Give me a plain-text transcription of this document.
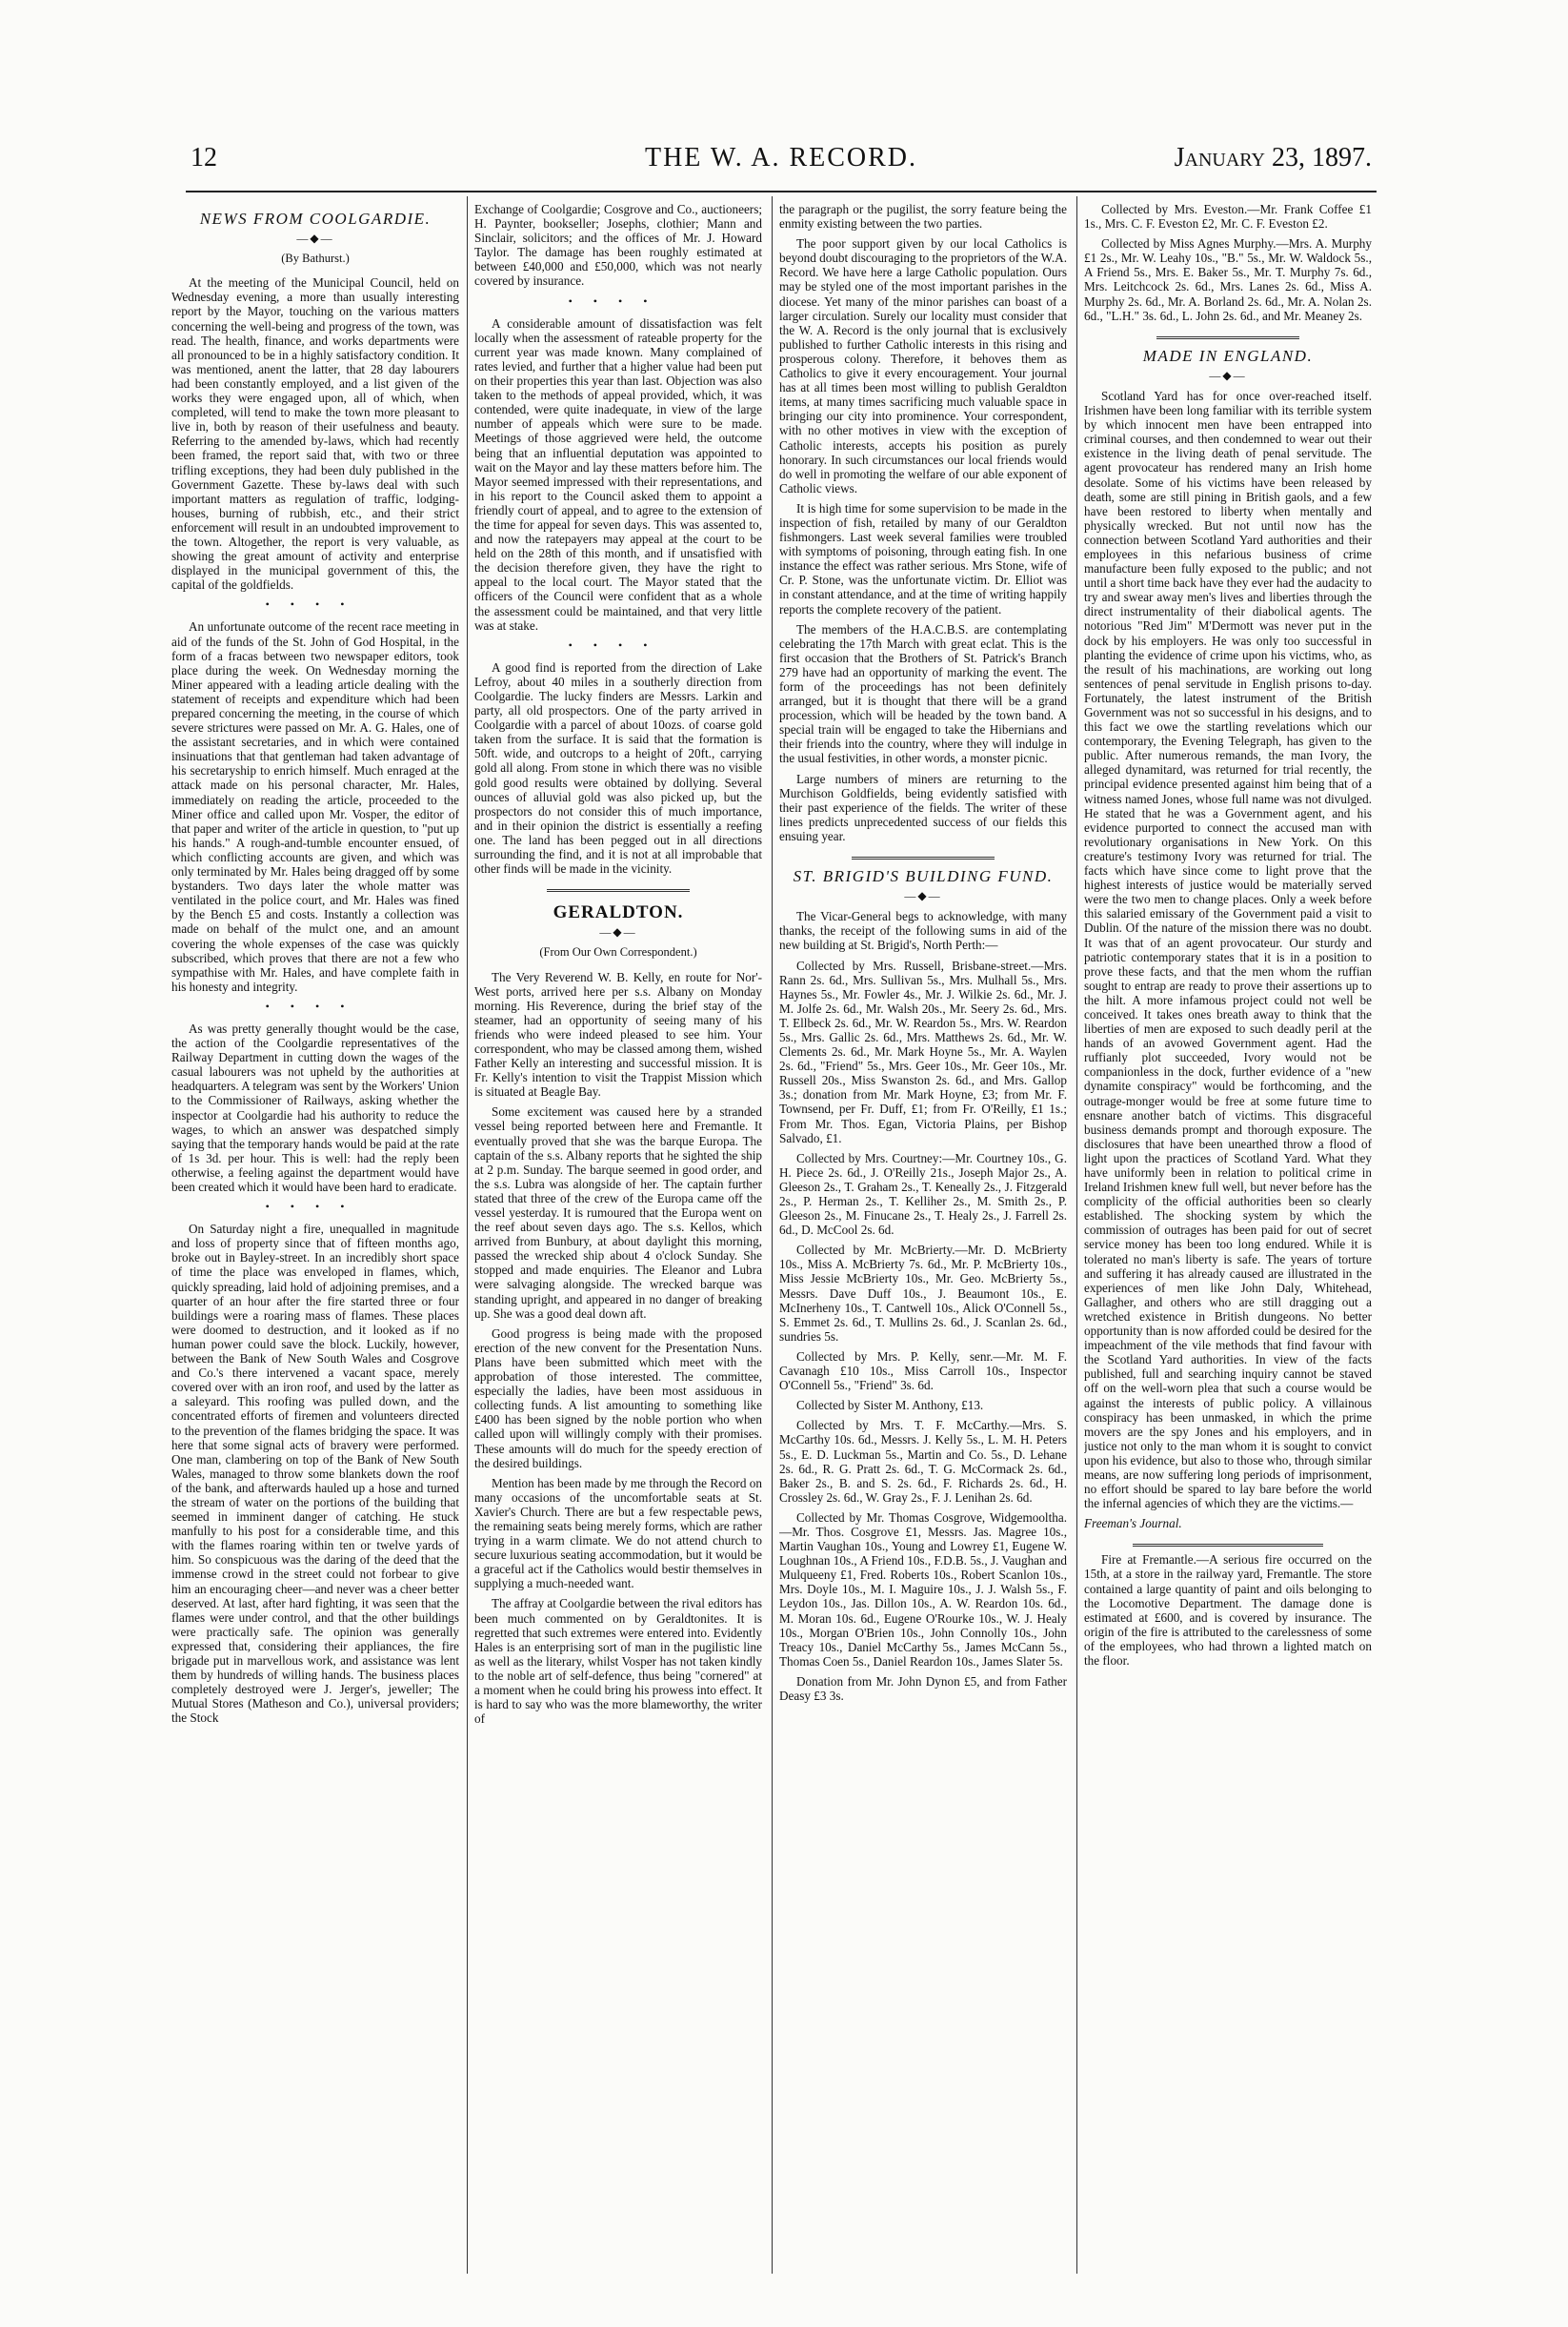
12	THE W. A. RECORD.	January 23, 1897.
NEWS FROM COOLGARDIE.
—◆—
(By Bathurst.)

At the meeting of the Municipal Council, held on Wednesday evening, a more than usually interesting report by the Mayor, touching on the various matters concerning the well-being and progress of the town, was read. The health, finance, and works departments were all pronounced to be in a highly satisfactory condition. It was mentioned, anent the latter, that 28 day labourers had been constantly employed, and a list given of the works they were engaged upon, all of which, when completed, will tend to make the town more pleasant to live in, both by reason of their usefulness and beauty. Referring to the amended by-laws, which had recently been framed, the report said that, with two or three trifling exceptions, they had been duly published in the Government Gazette. These by-laws deal with such important matters as regulation of traffic, lodging-houses, burning of rubbish, etc., and their strict enforcement will result in an undoubted improvement to the town. Altogether, the report is very valuable, as showing the great amount of activity and enterprise displayed in the municipal government of this, the capital of the goldfields.

••••

An unfortunate outcome of the recent race meeting in aid of the funds of the St. John of God Hospital, in the form of a fracas between two newspaper editors, took place during the week. On Wednesday morning the Miner appeared with a leading article dealing with the statement of receipts and expenditure which had been prepared concerning the meeting, in the course of which severe strictures were passed on Mr. A. G. Hales, one of the assistant secretaries, and in which were contained insinuations that that gentleman had taken advantage of his secretaryship to enrich himself. Much enraged at the attack made on his personal character, Mr. Hales, immediately on reading the article, proceeded to the Miner office and called upon Mr. Vosper, the editor of that paper and writer of the article in question, to "put up his hands." A rough-and-tumble encounter ensued, of which conflicting accounts are given, and which was only terminated by Mr. Hales being dragged off by some bystanders. Two days later the whole matter was ventilated in the police court, and Mr. Hales was fined by the Bench £5 and costs. Instantly a collection was made on behalf of the mulct one, and an amount covering the whole expenses of the case was quickly subscribed, which proves that there are not a few who sympathise with Mr. Hales, and have complete faith in his honesty and integrity.

••••

As was pretty generally thought would be the case, the action of the Coolgardie representatives of the Railway Department in cutting down the wages of the casual labourers was not upheld by the authorities at headquarters. A telegram was sent by the Workers' Union to the Commissioner of Railways, asking whether the inspector at Coolgardie had his authority to reduce the wages, to which an answer was despatched simply saying that the temporary hands would be paid at the rate of 1s 3d. per hour. This is well: had the reply been otherwise, a feeling against the department would have been created which it would have been hard to eradicate.

••••

On Saturday night a fire, unequalled in magnitude and loss of property since that of fifteen months ago, broke out in Bayley-street. In an incredibly short space of time the place was enveloped in flames, which, quickly spreading, laid hold of adjoining premises, and a quarter of an hour after the fire started three or four buildings were a roaring mass of flames. These places were doomed to destruction, and it looked as if no human power could save the block. Luckily, however, between the Bank of New South Wales and Cosgrove and Co.'s there intervened a vacant space, merely covered over with an iron roof, and used by the latter as a saleyard. This roofing was pulled down, and the concentrated efforts of firemen and volunteers directed to the prevention of the flames bridging the space. It was here that some signal acts of bravery were performed. One man, clambering on top of the Bank of New South Wales, managed to throw some blankets down the roof of the bank, and afterwards hauled up a hose and turned the stream of water on the portions of the building that seemed in imminent danger of catching. He stuck manfully to his post for a considerable time, and this with the flames roaring within ten or twelve yards of him. So conspicuous was the daring of the deed that the immense crowd in the street could not forbear to give him an encouraging cheer—and never was a cheer better deserved. At last, after hard fighting, it was seen that the flames were under control, and that the other buildings were practically safe. The opinion was generally expressed that, considering their appliances, the fire brigade put in marvellous work, and assistance was lent them by hundreds of willing hands. The business places completely destroyed were J. Jerger's, jeweller; The Mutual Stores (Matheson and Co.), universal providers; the Stock

Exchange of Coolgardie; Cosgrove and Co., auctioneers; H. Paynter, bookseller; Josephs, clothier; Mann and Sinclair, solicitors; and the offices of Mr. J. Howard Taylor. The damage has been roughly estimated at between £40,000 and £50,000, which was not nearly covered by insurance.

••••

A considerable amount of dissatisfaction was felt locally when the assessment of rateable property for the current year was made known. Many complained of rates levied, and further that a higher value had been put on their properties this year than last. Objection was also taken to the methods of appeal provided, which, it was contended, were quite inadequate, in view of the large number of appeals which were sure to be made. Meetings of those aggrieved were held, the outcome being that an influential deputation was appointed to wait on the Mayor and lay these matters before him. The Mayor seemed impressed with their representations, and in his report to the Council asked them to appoint a friendly court of appeal, and to agree to the extension of the time for appeal for seven days. This was assented to, and now the ratepayers may appeal at the court to be held on the 28th of this month, and if unsatisfied with the decision therefore given, they have the right to appeal to the local court. The Mayor stated that the officers of the Council were confident that as a whole the assessment could be maintained, and that very little was at stake.

••••

A good find is reported from the direction of Lake Lefroy, about 40 miles in a southerly direction from Coolgardie. The lucky finders are Messrs. Larkin and party, all old prospectors. One of the party arrived in Coolgardie with a parcel of about 10ozs. of coarse gold taken from the surface. It is said that the formation is 50ft. wide, and outcrops to a height of 20ft., carrying gold all along. From stone in which there was no visible gold good results were obtained by dollying. Several ounces of alluvial gold was also picked up, but the prospectors do not consider this of much importance, and in their opinion the district is essentially a reefing one. The land has been pegged out in all directions surrounding the find, and it is not at all improbable that other finds will be made in the vicinity.

GERALDTON.
—◆—
(From Our Own Correspondent.)

The Very Reverend W. B. Kelly, en route for Nor'-West ports, arrived here per s.s. Albany on Monday morning. His Reverence, during the brief stay of the steamer, had an opportunity of seeing many of his friends who were indeed pleased to see him. Your correspondent, who may be classed among them, wished Father Kelly an interesting and successful mission. It is Fr. Kelly's intention to visit the Trappist Mission which is situated at Beagle Bay.

Some excitement was caused here by a stranded vessel being reported between here and Fremantle. It eventually proved that she was the barque Europa. The captain of the s.s. Albany reports that he sighted the ship at 2 p.m. Sunday. The barque seemed in good order, and the s.s. Lubra was alongside of her. The captain further stated that three of the crew of the Europa came off the vessel yesterday. It is rumoured that the Europa went on the reef about seven days ago. The s.s. Kellos, which arrived from Bunbury, at about daylight this morning, passed the wrecked ship about 4 o'clock Sunday. She stopped and made enquiries. The Eleanor and Lubra were salvaging alongside. The wrecked barque was standing upright, and appeared in no danger of breaking up. She was a good deal down aft.

Good progress is being made with the proposed erection of the new convent for the Presentation Nuns. Plans have been submitted which meet with the approbation of those interested. The committee, especially the ladies, have been most assiduous in collecting funds. A list amounting to something like £400 has been signed by the noble portion who when called upon will willingly comply with their promises. These amounts will do much for the speedy erection of the desired buildings.

Mention has been made by me through the Record on many occasions of the uncomfortable seats at St. Xavier's Church. There are but a few respectable pews, the remaining seats being merely forms, which are rather trying in a warm climate. We do not attend church to secure luxurious seating accommodation, but it would be a graceful act if the Catholics would bestir themselves in supplying a much-needed want.

The affray at Coolgardie between the rival editors has been much commented on by Geraldtonites. It is regretted that such extremes were entered into. Evidently Hales is an enterprising sort of man in the pugilistic line as well as the literary, whilst Vosper has not taken kindly to the noble art of self-defence, thus being "cornered" at a moment when he could bring his prowess into effect. It is hard to say who was the more blameworthy, the writer of

the paragraph or the pugilist, the sorry feature being the enmity existing between the two parties.

The poor support given by our local Catholics is beyond doubt discouraging to the proprietors of the W.A. Record. We have here a large Catholic population. Ours may be styled one of the most important parishes in the diocese. Yet many of the minor parishes can boast of a larger circulation. Surely our locality must consider that the W. A. Record is the only journal that is exclusively published to further Catholic interests in this rising and prosperous colony. Therefore, it behoves them as Catholics to give it every encouragement. Your journal has at all times been most willing to publish Geraldton items, at many times sacrificing much valuable space in bringing our city into prominence. Your correspondent, with no other motives in view with the exception of Catholic interests, accepts his position as purely honorary. In such circumstances our local friends would do well in promoting the welfare of our able exponent of Catholic views.

It is high time for some supervision to be made in the inspection of fish, retailed by many of our Geraldton fishmongers. Last week several families were troubled with symptoms of poisoning, through eating fish. In one instance the effect was rather serious. Mrs Stone, wife of Cr. P. Stone, was the unfortunate victim. Dr. Elliot was in constant attendance, and at the time of writing happily reports the complete recovery of the patient.

The members of the H.A.C.B.S. are contemplating celebrating the 17th March with great eclat. This is the first occasion that the Brothers of St. Patrick's Branch 279 have had an opportunity of marking the event. The form of the proceedings has not been definitely arranged, but it is thought that there will be a grand procession, which will be headed by the town band. A special train will be engaged to take the Hibernians and their friends into the country, where they will indulge in the usual festivities, in other words, a monster picnic.

Large numbers of miners are returning to the Murchison Goldfields, being evidently satisfied with their past experience of the fields. The writer of these lines predicts unprecedented success of our fields this ensuing year.

ST. BRIGID'S BUILDING FUND.
—◆—

The Vicar-General begs to acknowledge, with many thanks, the receipt of the following sums in aid of the new building at St. Brigid's, North Perth:—

Collected by Mrs. Russell, Brisbane-street.—Mrs. Rann 2s. 6d., Mrs. Sullivan 5s., Mrs. Mulhall 5s., Mrs. Haynes 5s., Mr. Fowler 4s., Mr. J. Wilkie 2s. 6d., Mr. J. M. Jolfe 2s. 6d., Mr. Walsh 20s., Mr. Seery 2s. 6d., Mrs. T. Ellbeck 2s. 6d., Mr. W. Reardon 5s., Mrs. W. Reardon 5s., Mrs. Gallic 2s. 6d., Mrs. Matthews 2s. 6d., Mr. W. Clements 2s. 6d., Mr. Mark Hoyne 5s., Mr. A. Waylen 2s. 6d., "Friend" 5s., Mrs. Geer 10s., Mr. Geer 10s., Mr. Russell 20s., Miss Swanston 2s. 6d., and Mrs. Gallop 3s.; donation from Mr. Mark Hoyne, £3; from Mr. F. Townsend, per Fr. Duff, £1; from Fr. O'Reilly, £1 1s.; From Mr. Thos. Egan, Victoria Plains, per Bishop Salvado, £1.

Collected by Mrs. Courtney:—Mr. Courtney 10s., G. H. Piece 2s. 6d., J. O'Reilly 21s., Joseph Major 2s., A. Gleeson 2s., T. Graham 2s., T. Keneally 2s., J. Fitzgerald 2s., P. Herman 2s., T. Kelliher 2s., M. Smith 2s., P. Gleeson 2s., M. Finucane 2s., T. Healy 2s., J. Farrell 2s. 6d., D. McCool 2s. 6d.

Collected by Mr. McBrierty.—Mr. D. McBrierty 10s., Miss A. McBrierty 7s. 6d., Mr. P. McBrierty 10s., Miss Jessie McBrierty 10s., Mr. Geo. McBrierty 5s., Messrs. Dave Duff 10s., J. Beaumont 10s., E. McInerheny 10s., T. Cantwell 10s., Alick O'Connell 5s., S. Emmet 2s. 6d., T. Mullins 2s. 6d., J. Scanlan 2s. 6d., sundries 5s.

Collected by Mrs. P. Kelly, senr.—Mr. M. F. Cavanagh £10 10s., Miss Carroll 10s., Inspector O'Connell 5s., "Friend" 3s. 6d.

Collected by Sister M. Anthony, £13.

Collected by Mrs. T. F. McCarthy.—Mrs. S. McCarthy 10s. 6d., Messrs. J. Kelly 5s., L. M. H. Peters 5s., E. D. Luckman 5s., Martin and Co. 5s., D. Lehane 2s. 6d., R. G. Pratt 2s. 6d., T. G. McCormack 2s. 6d., Baker 2s., B. and S. 2s. 6d., F. Richards 2s. 6d., H. Crossley 2s. 6d., W. Gray 2s., F. J. Lenihan 2s. 6d.

Collected by Mr. Thomas Cosgrove, Widgemooltha.—Mr. Thos. Cosgrove £1, Messrs. Jas. Magree 10s., Martin Vaughan 10s., Young and Lowrey £1, Eugene W. Loughnan 10s., A Friend 10s., F.D.B. 5s., J. Vaughan and Mulqueeny £1, Fred. Roberts 10s., Robert Scanlon 10s., Mrs. Doyle 10s., M. I. Maguire 10s., J. J. Walsh 5s., F. Leydon 10s., Jas. Dillon 10s., A. W. Reardon 10s. 6d., M. Moran 10s. 6d., Eugene O'Rourke 10s., W. J. Healy 10s., Morgan O'Brien 10s., John Connolly 10s., John Treacy 10s., Daniel McCarthy 5s., James McCann 5s., Thomas Coen 5s., Daniel Reardon 10s., James Slater 5s.

Donation from Mr. John Dynon £5, and from Father Deasy £3 3s.

Collected by Mrs. Eveston.—Mr. Frank Coffee £1 1s., Mrs. C. F. Eveston £2, Mr. C. F. Eveston £2.

Collected by Miss Agnes Murphy.—Mrs. A. Murphy £1 2s., Mr. W. Leahy 10s., "B." 5s., Mr. W. Waldock 5s., A Friend 5s., Mrs. E. Baker 5s., Mr. T. Murphy 7s. 6d., Mrs. Leitchcock 2s. 6d., Mrs. Lanes 2s. 6d., Miss A. Murphy 2s. 6d., Mr. A. Borland 2s. 6d., Mr. A. Nolan 2s. 6d., "L.H." 3s. 6d., L. John 2s. 6d., and Mr. Meaney 2s.

MADE IN ENGLAND.
—◆—

Scotland Yard has for once over-reached itself. Irishmen have been long familiar with its terrible system by which innocent men have been entrapped into criminal courses, and then condemned to wear out their existence in the living death of penal servitude. The agent provocateur has rendered many an Irish home desolate. Some of his victims have been released by death, some are still pining in British gaols, and a few have been restored to liberty when mentally and physically wrecked. But not until now has the connection between Scotland Yard authorities and their employees in this nefarious business of crime manufacture been fully exposed to the public; and not until a short time back have they ever had the audacity to try and swear away men's lives and liberties through the direct instrumentality of their diabolical agents. The notorious "Red Jim" M'Dermott was never put in the dock by his employers. He was only too successful in planting the evidence of crime upon his victims, who, as the result of his machinations, are working out long sentences of penal servitude in English prisons to-day. Fortunately, the latest instrument of the British Government was not so successful in his designs, and to this fact we owe the startling revelations which our contemporary, the Evening Telegraph, has given to the public. After numerous remands, the man Ivory, the alleged dynamitard, was returned for trial recently, the principal evidence presented against him being that of a witness named Jones, whose full name was not divulged. He stated that he was a Government agent, and his evidence purported to connect the accused man with revolutionary organisations in New York. On this creature's testimony Ivory was returned for trial. The facts which have since come to light prove that the highest interests of justice would be materially served were the two men to change places. Only a week before this salaried emissary of the Government paid a visit to Dublin. Of the nature of the mission there was no doubt. It was that of an agent provocateur. Our sturdy and patriotic contemporary states that it is in a position to prove these facts, and that the men whom the ruffian sought to entrap are ready to prove their assertions up to the hilt. A more infamous project could not well be conceived. It takes ones breath away to think that the liberties of men are exposed to such deadly peril at the hands of an avowed Government agent. Had the ruffianly plot succeeded, Ivory would not be companionless in the dock, further evidence of a "new dynamite conspiracy" would be forthcoming, and the outrage-monger would be free at some future time to ensnare another batch of victims. This disgraceful business demands prompt and thorough exposure. The disclosures that have been unearthed throw a flood of light upon the practices of Scotland Yard. What they have uniformly been in relation to political crime in Ireland Irishmen knew full well, but never before has the complicity of the official authorities been so clearly established. The shocking system by which the commission of outrages has been paid for out of secret service money has been too long endured. While it is tolerated no man's liberty is safe. The years of torture and suffering it has already caused are illustrated in the experiences of men like John Daly, Whitehead, Gallagher, and others who are still dragging out a wretched existence in British dungeons. No better opportunity than is now afforded could be desired for the impeachment of the vile methods that find favour with the Scotland Yard authorities. In view of the facts published, full and searching inquiry cannot be staved off on the well-worn plea that such a course would be against the interests of public policy. A villainous conspiracy has been unmasked, in which the prime movers are the spy Jones and his employers, and in justice not only to the man whom it is sought to convict upon his evidence, but also to those who, through similar means, are now suffering long periods of imprisonment, no effort should be spared to lay bare before the world the infernal agencies of which they are the victims.—

Freeman's Journal.

Fire at Fremantle.—A serious fire occurred on the 15th, at a store in the railway yard, Fremantle. The store contained a large quantity of paint and oils belonging to the Locomotive Department. The damage done is estimated at £600, and is covered by insurance. The origin of the fire is attributed to the carelessness of some of the employees, who had thrown a lighted match on the floor.
